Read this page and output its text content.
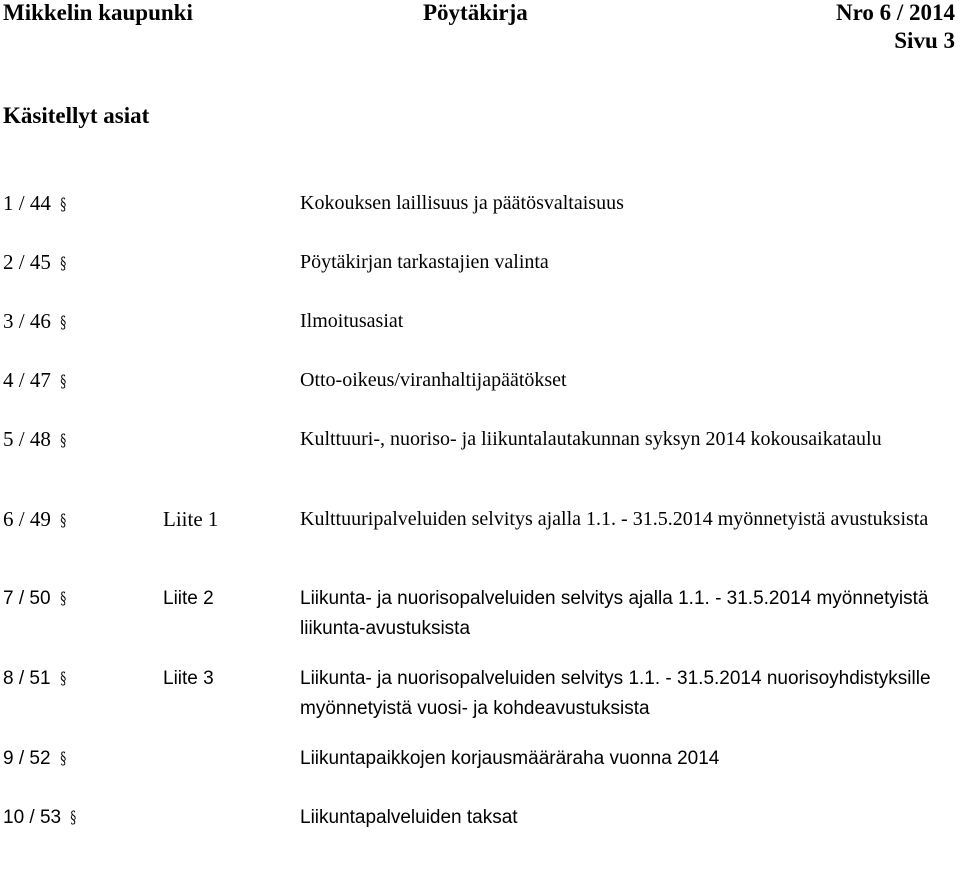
Mikkelin kaupunki	Pöytäkirja	Nro 6 / 2014
Sivu 3
Käsitellyt asiat
1 / 44 §	Kokouksen laillisuus ja päätösvaltaisuus
2 / 45 §	Pöytäkirjan tarkastajien valinta
3 / 46 §	Ilmoitusasiat
4 / 47 §	Otto-oikeus/viranhaltijapäätökset
5 / 48 §	Kulttuuri-, nuoriso- ja liikuntalautakunnan syksyn 2014 kokousaikataulu
6 / 49 §	Liite 1	Kulttuuripalveluiden selvitys ajalla 1.1. - 31.5.2014 myönnetyistä avustuksista
7 / 50 §	Liite 2	Liikunta- ja nuorisopalveluiden selvitys ajalla 1.1. - 31.5.2014 myönnetyistä liikunta-avustuksista
8 / 51 §	Liite 3	Liikunta- ja nuorisopalveluiden selvitys 1.1. - 31.5.2014 nuorisoyhdistyksille myönnetyistä vuosi- ja kohdeavustuksista
9 / 52 §	Liikuntapaikkojen korjausmääräraha vuonna 2014
10 / 53 §	Liikuntapalveluiden taksat
